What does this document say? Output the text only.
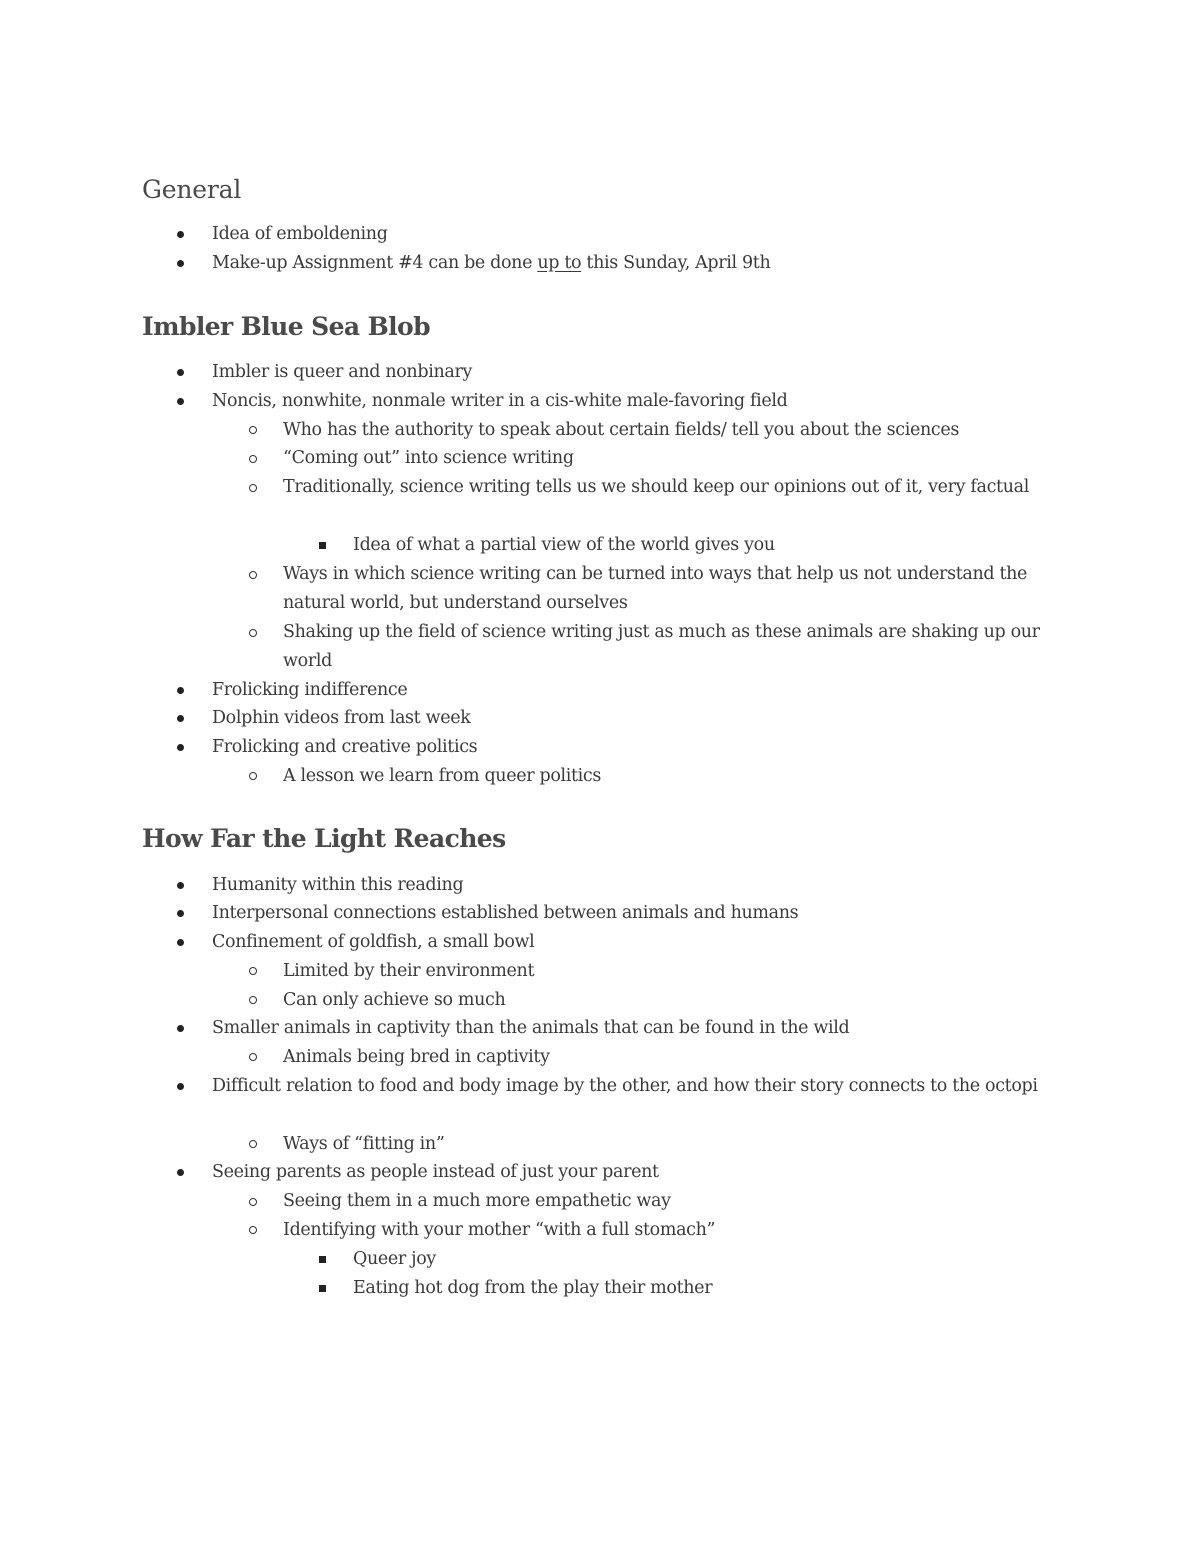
General
Idea of emboldening
Make-up Assignment #4 can be done up to this Sunday, April 9th
Imbler Blue Sea Blob
Imbler is queer and nonbinary
Noncis, nonwhite, nonmale writer in a cis-white male-favoring field
Who has the authority to speak about certain fields/ tell you about the sciences
“Coming out” into science writing
Traditionally, science writing tells us we should keep our opinions out of it, very factual
Idea of what a partial view of the world gives you
Ways in which science writing can be turned into ways that help us not understand the natural world, but understand ourselves
Shaking up the field of science writing just as much as these animals are shaking up our world
Frolicking indifference
Dolphin videos from last week
Frolicking and creative politics
A lesson we learn from queer politics
How Far the Light Reaches
Humanity within this reading
Interpersonal connections established between animals and humans
Confinement of goldfish, a small bowl
Limited by their environment
Can only achieve so much
Smaller animals in captivity than the animals that can be found in the wild
Animals being bred in captivity
Difficult relation to food and body image by the other, and how their story connects to the octopi
Ways of “fitting in”
Seeing parents as people instead of just your parent
Seeing them in a much more empathetic way
Identifying with your mother “with a full stomach”
Queer joy
Eating hot dog from the play their mother
